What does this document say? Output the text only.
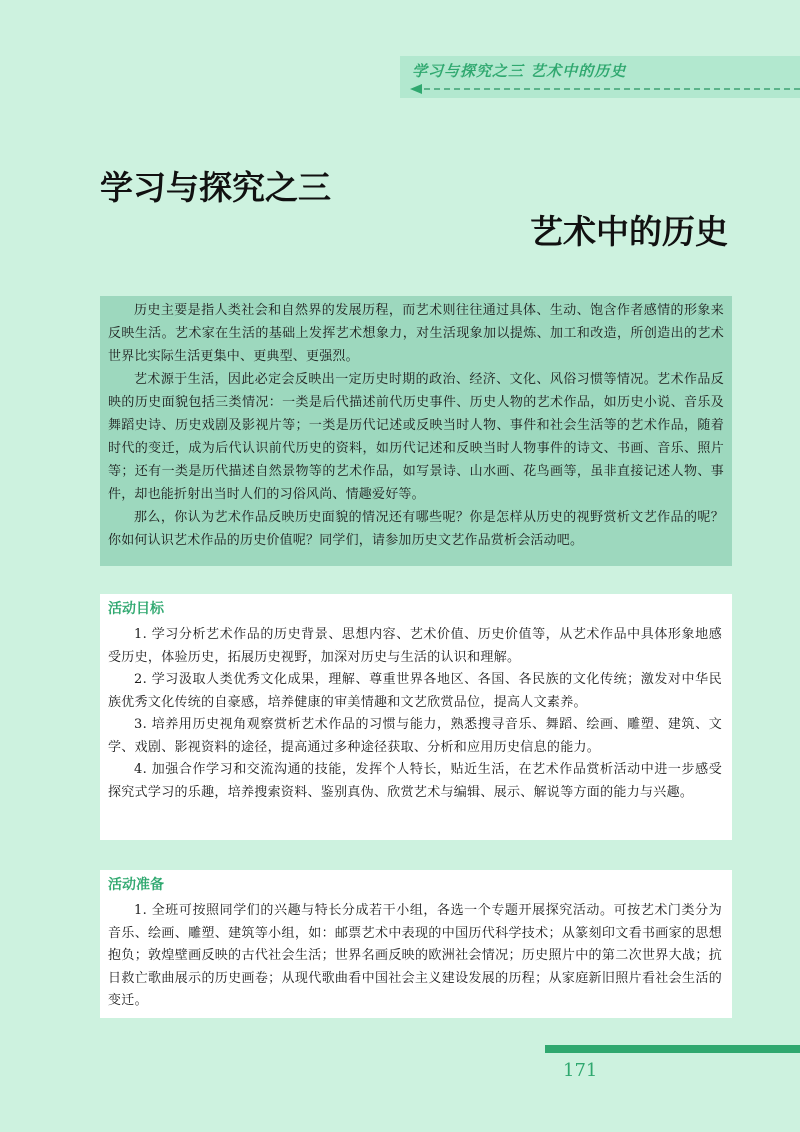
学习与探究之三 艺术中的历史
学习与探究之三
艺术中的历史

历史主要是指人类社会和自然界的发展历程，而艺术则往往通过具体、生动、饱含作者感情的形象来反映生活。艺术家在生活的基础上发挥艺术想象力，对生活现象加以提炼、加工和改造，所创造出的艺术世界比实际生活更集中、更典型、更强烈。

艺术源于生活，因此必定会反映出一定历史时期的政治、经济、文化、风俗习惯等情况。艺术作品反映的历史面貌包括三类情况：一类是后代描述前代历史事件、历史人物的艺术作品，如历史小说、音乐及舞蹈史诗、历史戏剧及影视片等；一类是历代记述或反映当时人物、事件和社会生活等的艺术作品，随着时代的变迁，成为后代认识前代历史的资料，如历代记述和反映当时人物事件的诗文、书画、音乐、照片等；还有一类是历代描述自然景物等的艺术作品，如写景诗、山水画、花鸟画等，虽非直接记述人物、事件，却也能折射出当时人们的习俗风尚、情趣爱好等。

那么，你认为艺术作品反映历史面貌的情况还有哪些呢？你是怎样从历史的视野赏析文艺作品的呢？你如何认识艺术作品的历史价值呢？同学们，请参加历史文艺作品赏析会活动吧。

活动目标

1. 学习分析艺术作品的历史背景、思想内容、艺术价值、历史价值等，从艺术作品中具体形象地感受历史，体验历史，拓展历史视野，加深对历史与生活的认识和理解。

2. 学习汲取人类优秀文化成果，理解、尊重世界各地区、各国、各民族的文化传统；激发对中华民族优秀文化传统的自豪感，培养健康的审美情趣和文艺欣赏品位，提高人文素养。

3. 培养用历史视角观察赏析艺术作品的习惯与能力，熟悉搜寻音乐、舞蹈、绘画、雕塑、建筑、文学、戏剧、影视资料的途径，提高通过多种途径获取、分析和应用历史信息的能力。

4. 加强合作学习和交流沟通的技能，发挥个人特长，贴近生活，在艺术作品赏析活动中进一步感受探究式学习的乐趣，培养搜索资料、鉴别真伪、欣赏艺术与编辑、展示、解说等方面的能力与兴趣。

活动准备

1. 全班可按照同学们的兴趣与特长分成若干小组，各选一个专题开展探究活动。可按艺术门类分为音乐、绘画、雕塑、建筑等小组，如：邮票艺术中表现的中国历代科学技术；从篆刻印文看书画家的思想抱负；敦煌壁画反映的古代社会生活；世界名画反映的欧洲社会情况；历史照片中的第二次世界大战；抗日救亡歌曲展示的历史画卷；从现代歌曲看中国社会主义建设发展的历程；从家庭新旧照片看社会生活的变迁。

171
